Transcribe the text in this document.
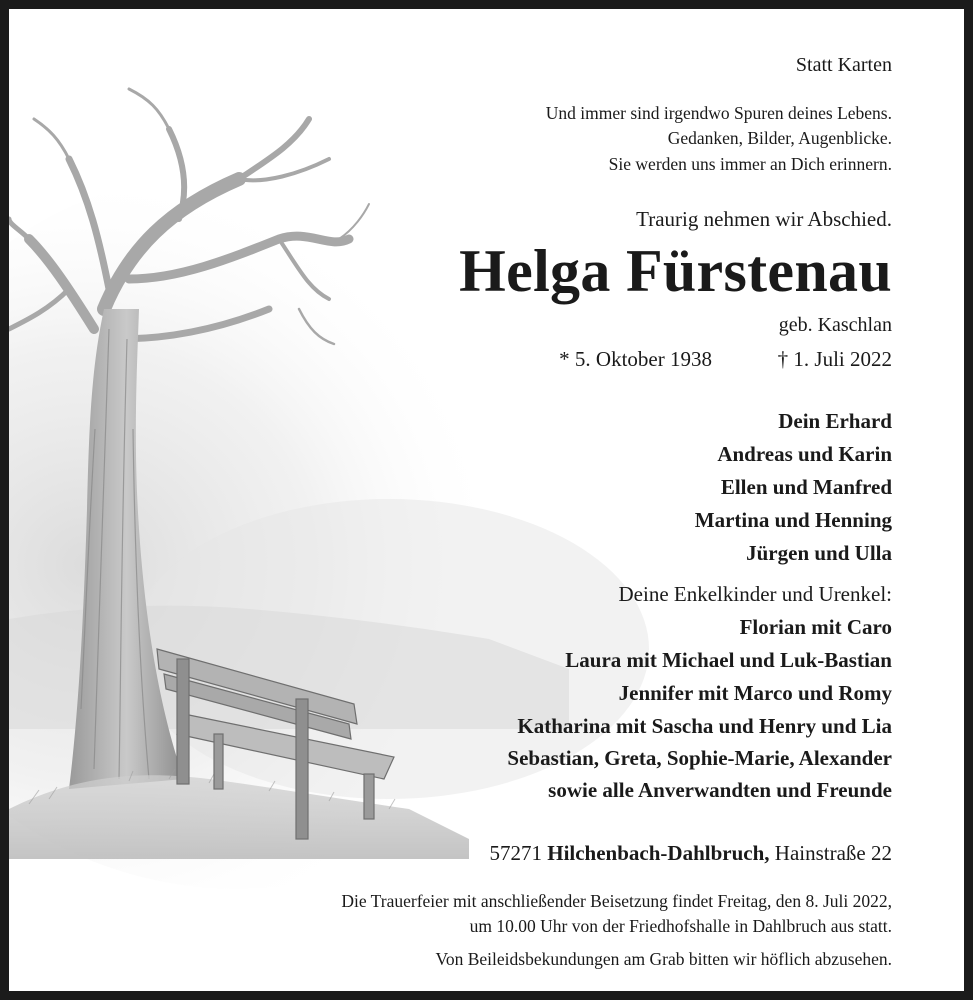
Statt Karten
Und immer sind irgendwo Spuren deines Lebens.
Gedanken, Bilder, Augenblicke.
Sie werden uns immer an Dich erinnern.
Traurig nehmen wir Abschied.
Helga Fürstenau
geb. Kaschlan
* 5. Oktober 1938	† 1. Juli 2022
Dein Erhard
Andreas und Karin
Ellen und Manfred
Martina und Henning
Jürgen und Ulla
Deine Enkelkinder und Urenkel:
Florian mit Caro
Laura mit Michael und Luk-Bastian
Jennifer mit Marco und Romy
Katharina mit Sascha und Henry und Lia
Sebastian, Greta, Sophie-Marie, Alexander
sowie alle Anverwandten und Freunde
57271 Hilchenbach-Dahlbruch, Hainstraße 22
Die Trauerfeier mit anschließender Beisetzung findet Freitag, den 8. Juli 2022,
um 10.00 Uhr von der Friedhofshalle in Dahlbruch aus statt.
Von Beileidsbekundungen am Grab bitten wir höflich abzusehen.
